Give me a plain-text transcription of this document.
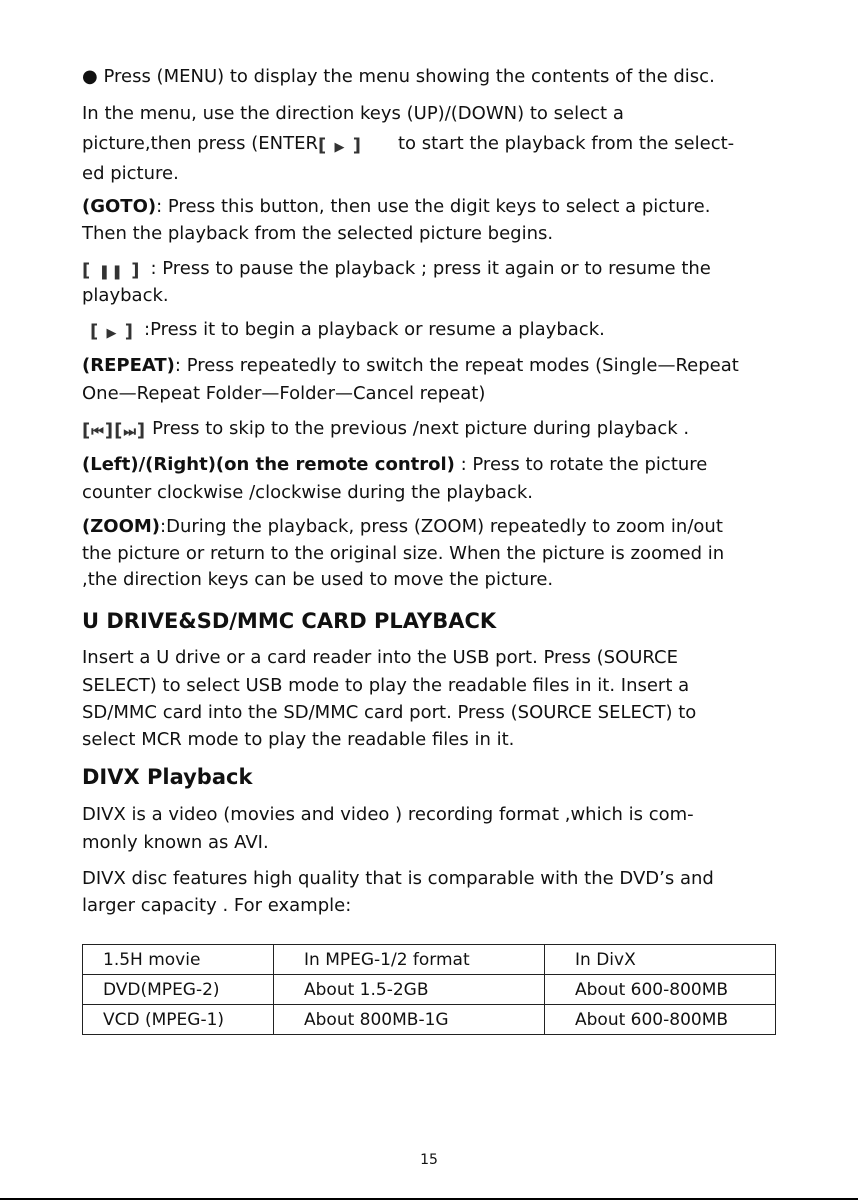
● Press (MENU) to display the menu showing the contents of the disc.
In the menu, use the direction keys (UP)/(DOWN) to select a
picture,then press (ENTER[ ▶ ] to start the playback from the select-
ed picture.
(GOTO): Press this button, then use the digit keys to select a picture.
Then the playback from the selected picture begins.
[ ❚❚ ] : Press to pause the playback ; press it again or to resume the
playback.
[ ▶ ] :Press it to begin a playback or resume a playback.
(REPEAT): Press repeatedly to switch the repeat modes (Single—Repeat
One—Repeat Folder—Folder—Cancel repeat)
[⏮][⏭] Press to skip to the previous /next picture during playback .
(Left)/(Right)(on the remote control) : Press to rotate the picture
counter clockwise /clockwise during the playback.
(ZOOM):During the playback, press (ZOOM) repeatedly to zoom in/out
the picture or return to the original size. When the picture is zoomed in
,the direction keys can be used to move the picture.
U DRIVE&SD/MMC CARD PLAYBACK
Insert a U drive or a card reader into the USB port. Press (SOURCE
SELECT) to select USB mode to play the readable files in it. Insert a
SD/MMC card into the SD/MMC card port. Press (SOURCE SELECT) to
select MCR mode to play the readable files in it.
DIVX Playback
DIVX is a video (movies and video ) recording format ,which is com-
monly known as AVI.
DIVX disc features high quality that is comparable with the DVD’s and
larger capacity . For example:
1.5H movie	In MPEG-1/2 format	In DivX
DVD(MPEG-2)	About 1.5-2GB	About 600-800MB
VCD (MPEG-1)	About 800MB-1G	About 600-800MB
15
